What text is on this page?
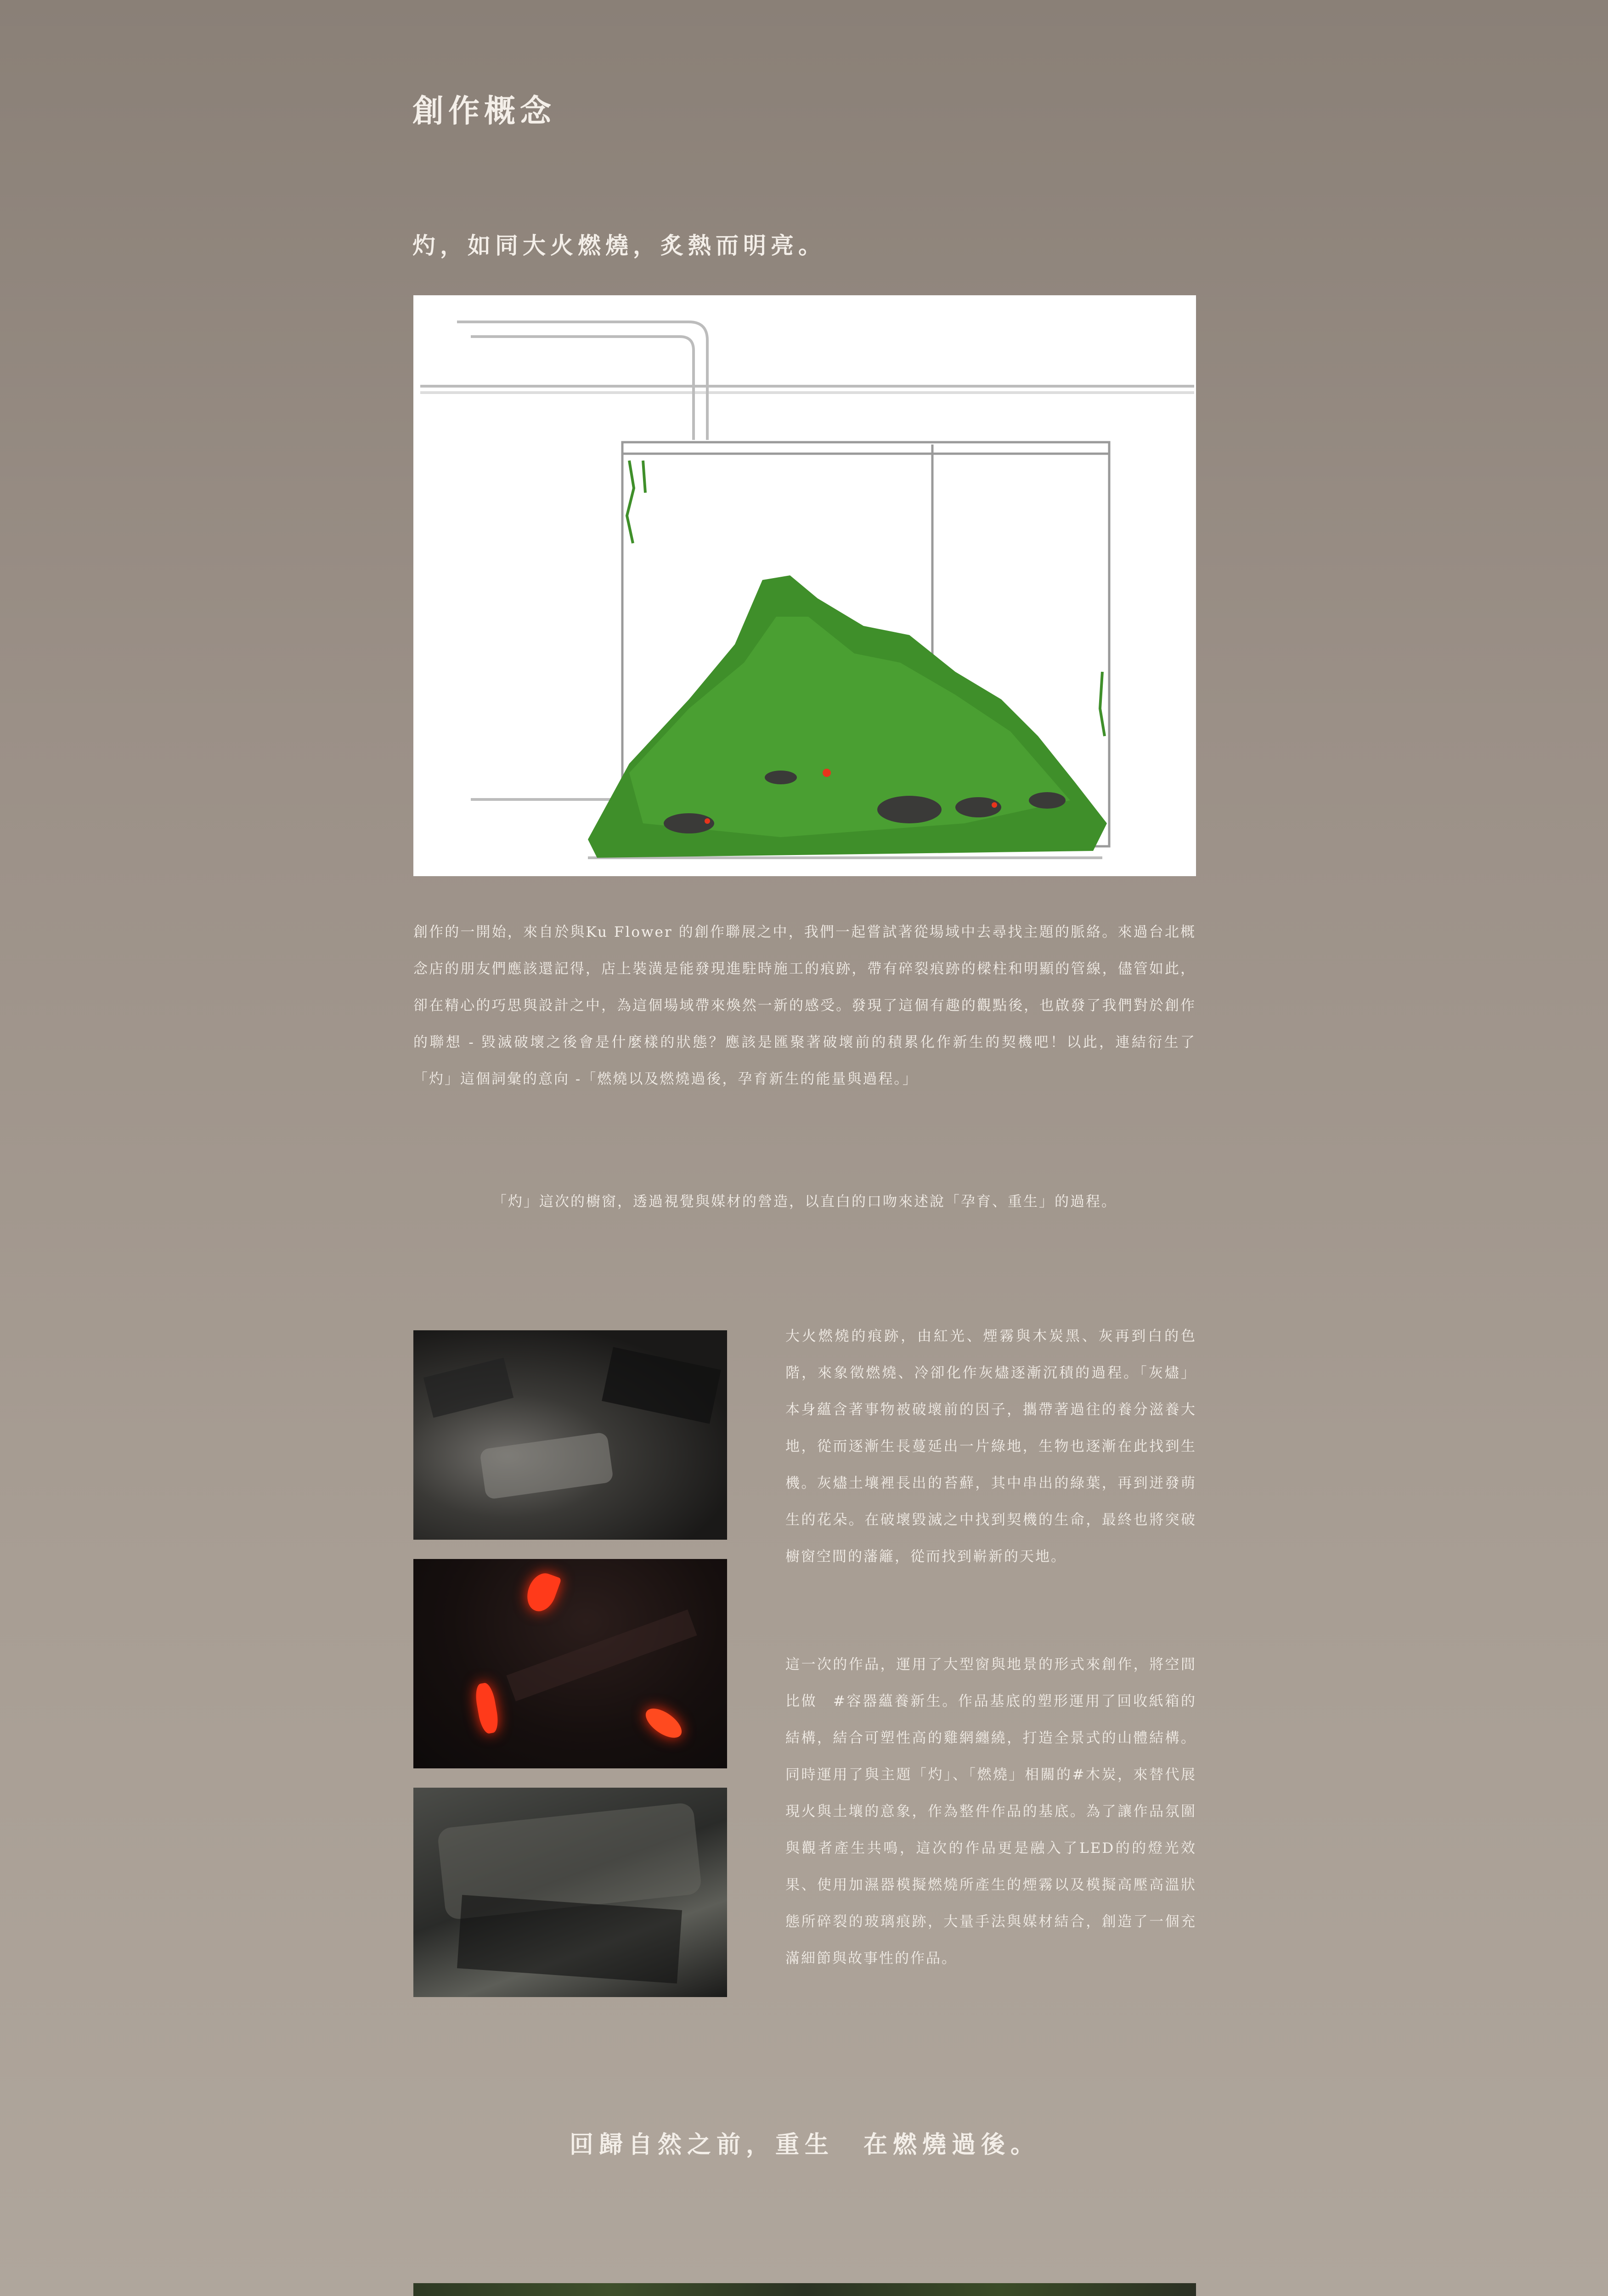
創作概念
灼，如同大火燃燒，炙熱而明亮。
創作的一開始，來自於與Ku Flower 的創作聯展之中，我們一起嘗試著從場域中去尋找主題的脈絡。來過台北概念店的朋友們應該還記得，店上裝潢是能發現進駐時施工的痕跡，帶有碎裂痕跡的樑柱和明顯的管線，儘管如此，卻在精心的巧思與設計之中，為這個場域帶來煥然一新的感受。發現了這個有趣的觀點後，也啟發了我們對於創作的聯想 - 毀滅破壞之後會是什麼樣的狀態？應該是匯聚著破壞前的積累化作新生的契機吧！以此，連結衍生了「灼」這個詞彙的意向 -「燃燒以及燃燒過後，孕育新生的能量與過程。」
「灼」這次的櫥窗，透過視覺與媒材的營造，以直白的口吻來述說「孕育、重生」的過程。
大火燃燒的痕跡，由紅光、煙霧與木炭黑、灰再到白的色階，來象徵燃燒、冷卻化作灰燼逐漸沉積的過程。「灰燼」本身蘊含著事物被破壞前的因子，攜帶著過往的養分滋養大地，從而逐漸生長蔓延出一片綠地，生物也逐漸在此找到生機。灰燼土壤裡長出的苔蘚，其中串出的綠葉，再到迸發萌生的花朵。在破壞毀滅之中找到契機的生命，最終也將突破櫥窗空間的藩籬，從而找到嶄新的天地。
這一次的作品，運用了大型窗與地景的形式來創作，將空間比做　#容器蘊養新生。作品基底的塑形運用了回收紙箱的結構，結合可塑性高的雞網纏繞，打造全景式的山體結構。同時運用了與主題「灼」、「燃燒」相關的#木炭，來替代展現火與土壤的意象，作為整件作品的基底。為了讓作品氛圍與觀者產生共鳴，這次的作品更是融入了LED的的燈光效果、使用加濕器模擬燃燒所產生的煙霧以及模擬高壓高溫狀態所碎裂的玻璃痕跡，大量手法與媒材結合，創造了一個充滿細節與故事性的作品。
回歸自然之前，重生　在燃燒過後。
